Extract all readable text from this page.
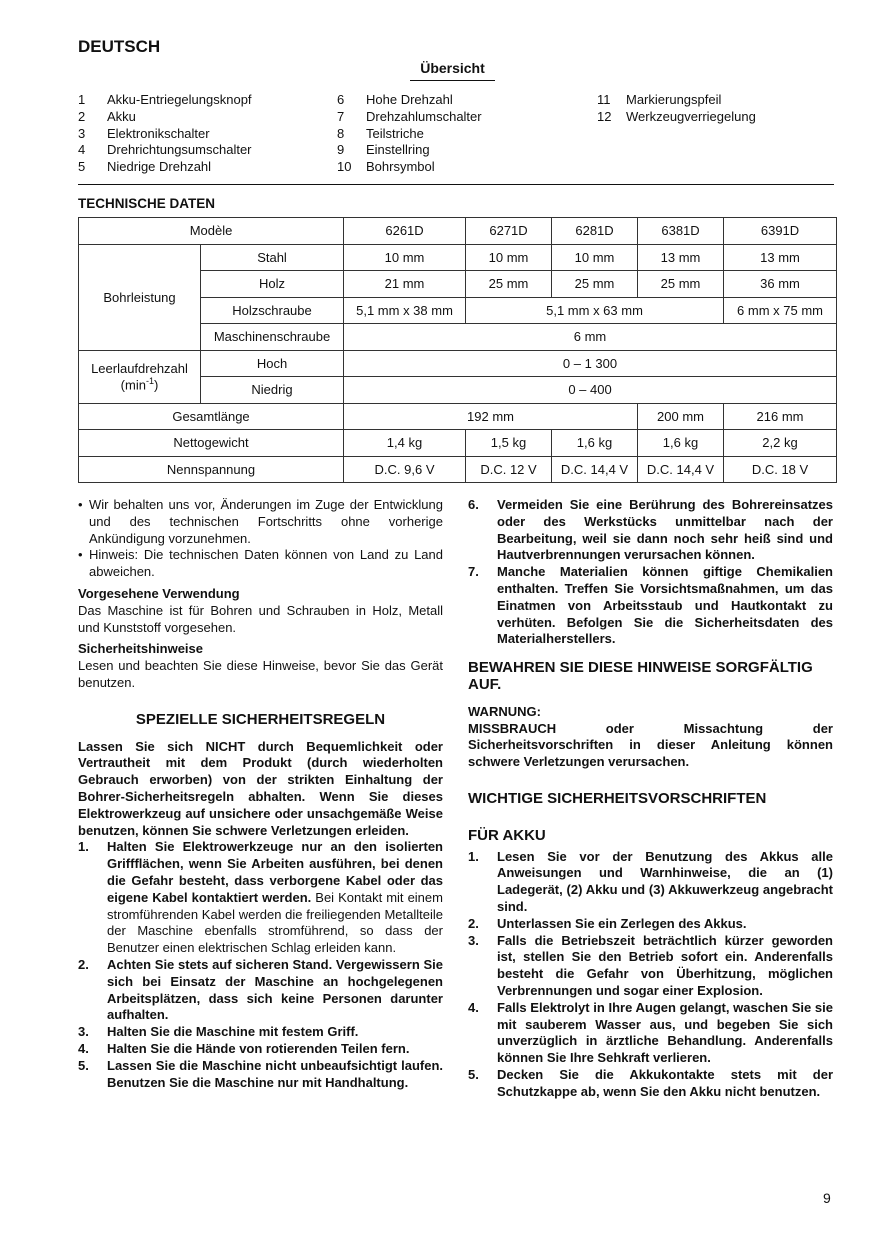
DEUTSCH
Übersicht
1	Akku-Entriegelungsknopf
2	Akku
3	Elektronikschalter
4	Drehrichtungsumschalter
5	Niedrige Drehzahl
6	Hohe Drehzahl
7	Drehzahlumschalter
8	Teilstriche
9	Einstellring
10	Bohrsymbol
11	Markierungspfeil
12	Werkzeugverriegelung
TECHNISCHE DATEN
Modèle		6261D	6271D	6281D	6381D	6391D
Bohrleistung	Stahl	10 mm	10 mm	10 mm	13 mm	13 mm
	Holz	21 mm	25 mm	25 mm	25 mm	36 mm
	Holzschraube	5,1 mm x 38 mm	5,1 mm x 63 mm			6 mm x 75 mm
	Maschinenschraube	6 mm				

Leerlaufdrehzahl
$(\min^{-1})$	Hoch	0 – 1 300				
	Niedrig	0 – 400				
Gesamtlänge		192 mm			200 mm	216 mm
Nettogewicht		1,4 kg	1,5 kg	1,6 kg	1,6 kg	2,2 kg
Nennspannung		D.C. 9,6 V	D.C. 12 V	D.C. 14,4 V	D.C. 14,4 V	D.C. 18 V
• Wir behalten uns vor, Änderungen im Zuge der Entwicklung und des technischen Fortschritts ohne vorherige Ankündigung vorzunehmen.
• Hinweis: Die technischen Daten können von Land zu Land abweichen.
Vorgesehene Verwendung

Das Maschine ist für Bohren und Schrauben in Holz, Metall und Kunststoff vorgesehen.

Sicherheitshinweise

Lesen und beachten Sie diese Hinweise, bevor Sie das Gerät benutzen.

SPEZIELLE SICHERHEITSREGELN

Lassen Sie sich NICHT durch Bequemlichkeit oder Vertrautheit mit dem Produkt (durch wiederholten Gebrauch erworben) von der strikten Einhaltung der Bohrer-Sicherheitsregeln abhalten. Wenn Sie dieses Elektrowerkzeug auf unsichere oder unsachgemäße Weise benutzen, können Sie schwere Verletzungen erleiden.

1.	Halten Sie Elektrowerkzeuge nur an den isolierten Griffflächen, wenn Sie Arbeiten ausführen, bei denen die Gefahr besteht, dass verborgene Kabel oder das eigene Kabel kontaktiert werden. Bei Kontakt mit einem stromführenden Kabel werden die freiliegenden Metallteile der Maschine ebenfalls stromführend, so dass der Benutzer einen elektrischen Schlag erleiden kann.
2.	Achten Sie stets auf sicheren Stand. Vergewissern Sie sich bei Einsatz der Maschine an hochgelegenen Arbeitsplätzen, dass sich keine Personen darunter aufhalten.
3.	Halten Sie die Maschine mit festem Griff.
4.	Halten Sie die Hände von rotierenden Teilen fern.
5.	Lassen Sie die Maschine nicht unbeaufsichtigt laufen. Benutzen Sie die Maschine nur mit Handhaltung.
6.	Vermeiden Sie eine Berührung des Bohrereinsatzes oder des Werkstücks unmittelbar nach der Bearbeitung, weil sie dann noch sehr heiß sind und Hautverbrennungen verursachen können.
7.	Manche Materialien können giftige Chemikalien enthalten. Treffen Sie Vorsichtsmaßnahmen, um das Einatmen von Arbeitsstaub und Hautkontakt zu verhüten. Befolgen Sie die Sicherheitsdaten des Materialherstellers.
BEWAHREN SIE DIESE HINWEISE SORGFÄLTIG AUF.
WARNUNG:

MISSBRAUCH oder Missachtung der Sicherheitsvorschriften in dieser Anleitung können schwere Verletzungen verursachen.

WICHTIGE SICHERHEITSVORSCHRIFTEN
FÜR AKKU
1.	Lesen Sie vor der Benutzung des Akkus alle Anweisungen und Warnhinweise, die an (1) Ladegerät, (2) Akku und (3) Akkuwerkzeug angebracht sind.
2.	Unterlassen Sie ein Zerlegen des Akkus.
3.	Falls die Betriebszeit beträchtlich kürzer geworden ist, stellen Sie den Betrieb sofort ein. Anderenfalls besteht die Gefahr von Überhitzung, möglichen Verbrennungen und sogar einer Explosion.
4.	Falls Elektrolyt in Ihre Augen gelangt, waschen Sie sie mit sauberem Wasser aus, und begeben Sie sich unverzüglich in ärztliche Behandlung. Anderenfalls können Sie Ihre Sehkraft verlieren.
5.	Decken Sie die Akkukontakte stets mit der Schutzkappe ab, wenn Sie den Akku nicht benutzen.
9
